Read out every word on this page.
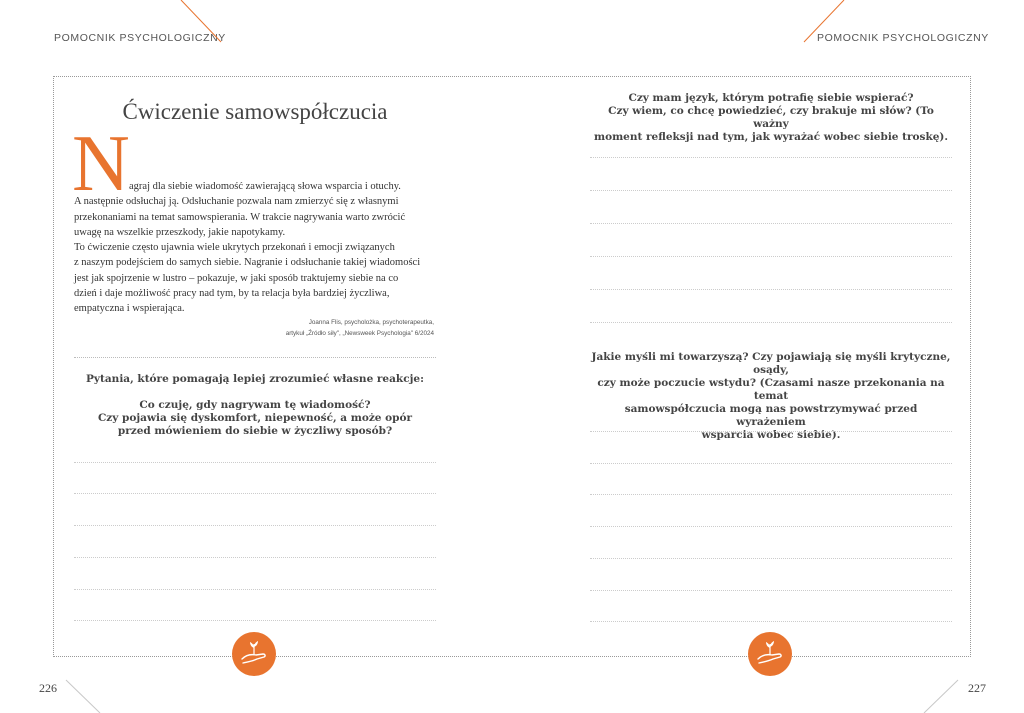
POMOCNIK PSYCHOLOGICZNY	POMOCNIK PSYCHOLOGICZNY
Ćwiczenie samowspółczucia
N agraj dla siebie wiadomość zawierającą słowa wsparcia i otuchy.

A następnie odsłuchaj ją. Odsłuchanie pozwala nam zmierzyć się z własnymi

przekonaniami na temat samowspierania. W trakcie nagrywania warto zwrócić

uwagę na wszelkie przeszkody, jakie napotykamy.

To ćwiczenie często ujawnia wiele ukrytych przekonań i emocji związanych

z naszym podejściem do samych siebie. Nagranie i odsłuchanie takiej wiadomości

jest jak spojrzenie w lustro – pokazuje, w jaki sposób traktujemy siebie na co

dzień i daje możliwość pracy nad tym, by ta relacja była bardziej życzliwa,

empatyczna i wspierająca.

Joanna Flis, psycholożka, psychoterapeutka,
artykuł „Źródło siły", „Newsweek Psychologia" 6/2024
Pytania, które pomagają lepiej zrozumieć własne reakcje:

Co czuję, gdy nagrywam tę wiadomość?

Czy pojawia się dyskomfort, niepewność, a może opór

przed mówieniem do siebie w życzliwy sposób?

Czy mam język, którym potrafię siebie wspierać?

Czy wiem, co chcę powiedzieć, czy brakuje mi słów? (To ważny

moment refleksji nad tym, jak wyrażać wobec siebie troskę).

Jakie myśli mi towarzyszą? Czy pojawiają się myśli krytyczne, osądy,

czy może poczucie wstydu? (Czasami nasze przekonania na temat

samowspółczucia mogą nas powstrzymywać przed wyrażeniem

wsparcia wobec siebie).

226	227
